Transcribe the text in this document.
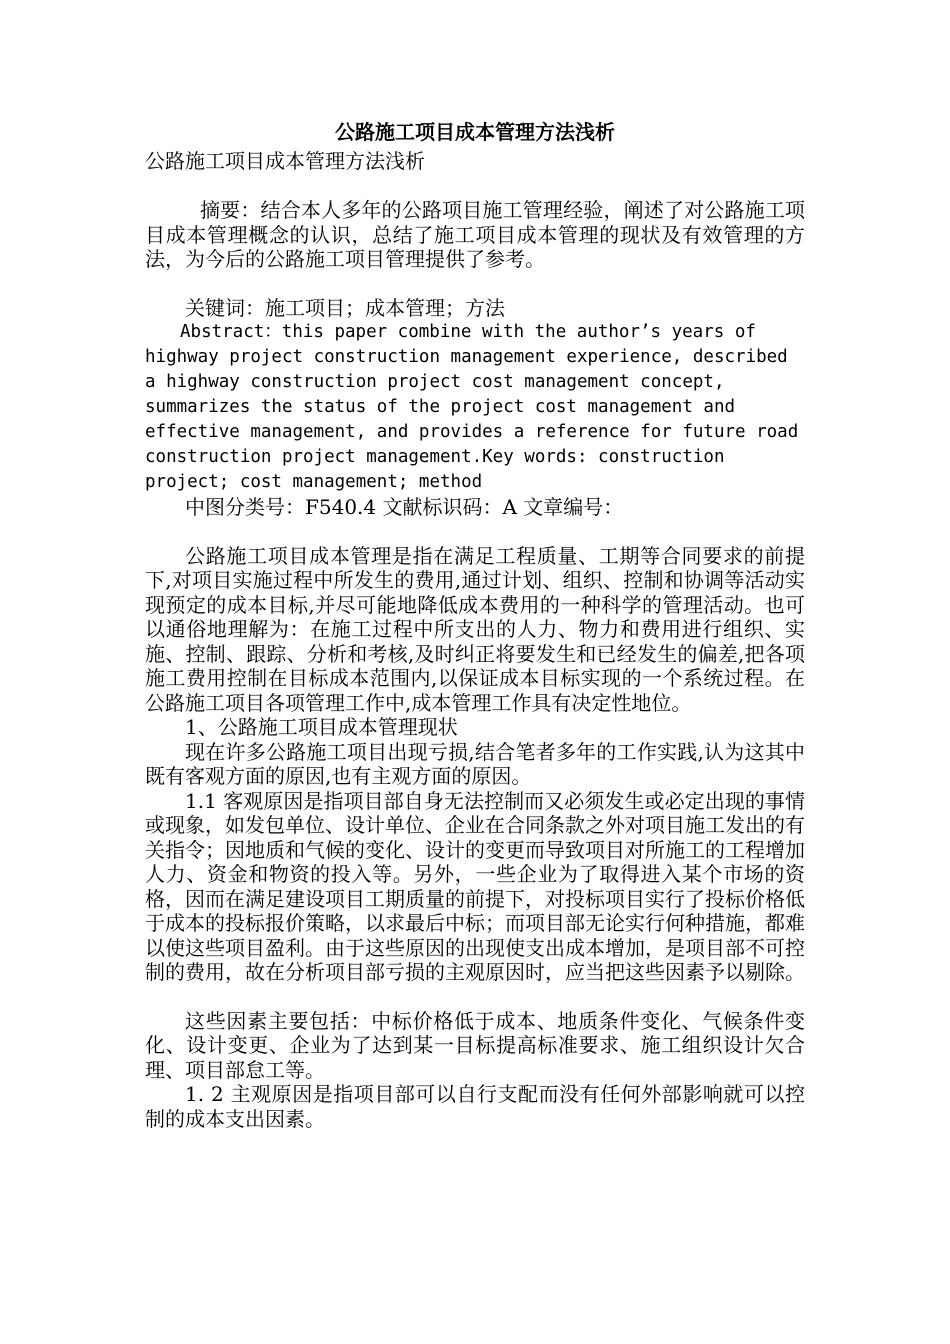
公路施工项目成本管理方法浅析
公路施工项目成本管理方法浅析

摘要：结合本人多年的公路项目施工管理经验，阐述了对公路施工项目成本管理概念的认识，总结了施工项目成本管理的现状及有效管理的方法，为今后的公路施工项目管理提供了参考。

关键词：施工项目；成本管理；方法

Abstract：this paper combine with the author’s years of highway project construction management experience, described a highway construction project cost management concept, summarizes the status of the project cost management and effective management, and provides a reference for future road construction project management.Key words: construction project; cost management; method

中图分类号：F540.4 文献标识码：A 文章编号：

公路施工项目成本管理是指在满足工程质量、工期等合同要求的前提下,对项目实施过程中所发生的费用,通过计划、组织、控制和协调等活动实现预定的成本目标,并尽可能地降低成本费用的一种科学的管理活动。也可以通俗地理解为：在施工过程中所支出的人力、物力和费用进行组织、实施、控制、跟踪、分析和考核,及时纠正将要发生和已经发生的偏差,把各项施工费用控制在目标成本范围内,以保证成本目标实现的一个系统过程。在公路施工项目各项管理工作中,成本管理工作具有决定性地位。

1、公路施工项目成本管理现状

现在许多公路施工项目出现亏损,结合笔者多年的工作实践,认为这其中既有客观方面的原因,也有主观方面的原因。

1.1 客观原因是指项目部自身无法控制而又必须发生或必定出现的事情或现象，如发包单位、设计单位、企业在合同条款之外对项目施工发出的有关指令；因地质和气候的变化、设计的变更而导致项目对所施工的工程增加人力、资金和物资的投入等。另外，一些企业为了取得进入某个市场的资格，因而在满足建设项目工期质量的前提下，对投标项目实行了投标价格低于成本的投标报价策略，以求最后中标；而项目部无论实行何种措施，都难以使这些项目盈利。由于这些原因的出现使支出成本增加，是项目部不可控制的费用，故在分析项目部亏损的主观原因时，应当把这些因素予以剔除。

这些因素主要包括：中标价格低于成本、地质条件变化、气候条件变化、设计变更、企业为了达到某一目标提高标准要求、施工组织设计欠合理、项目部怠工等。

1. 2 主观原因是指项目部可以自行支配而没有任何外部影响就可以控制的成本支出因素。
